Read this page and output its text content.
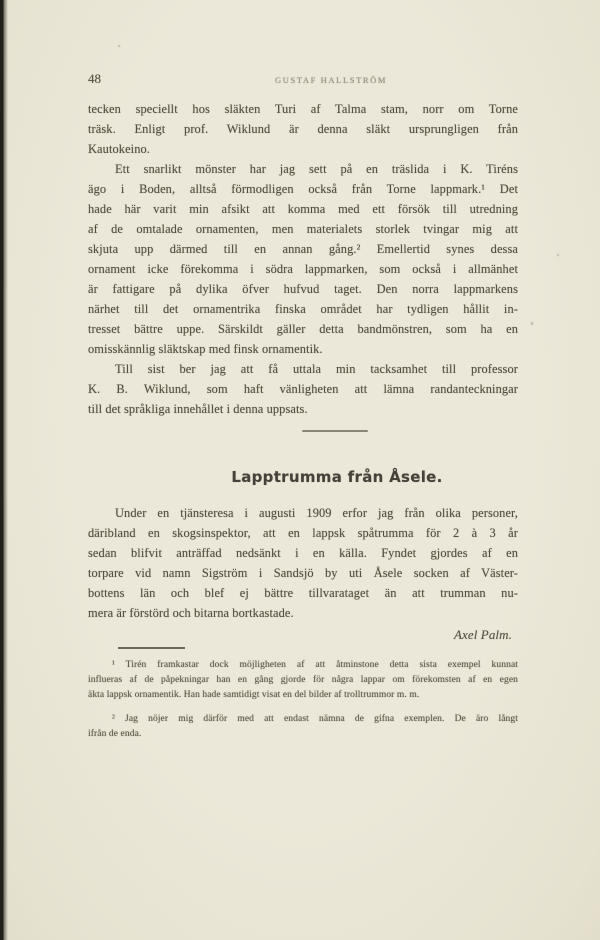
48	GUSTAF HALLSTRÖM
tecken speciellt hos släkten Turi af Talma stam, norr om Torne
träsk. Enligt prof. Wiklund är denna släkt ursprungligen från
Kautokeino.
Ett snarlikt mönster har jag sett på en träslida i K. Tiréns
ägo i Boden, alltså förmodligen också från Torne lappmark.¹ Det
hade här varit min afsikt att komma med ett försök till utredning
af de omtalade ornamenten, men materialets storlek tvingar mig att
skjuta upp därmed till en annan gång.² Emellertid synes dessa
ornament icke förekomma i södra lappmarken, som också i allmänhet
är fattigare på dylika öfver hufvud taget. Den norra lappmarkens
närhet till det ornamentrika finska området har tydligen hållit in-
tresset bättre uppe. Särskildt gäller detta bandmönstren, som ha en
omisskännlig släktskap med finsk ornamentik.
Till sist ber jag att få uttala min tacksamhet till professor
K. B. Wiklund, som haft vänligheten att lämna randanteckningar
till det språkliga innehållet i denna uppsats.
Lapptrumma från Åsele.
Under en tjänsteresa i augusti 1909 erfor jag från olika personer,
däribland en skogsinspektor, att en lappsk spåtrumma för 2 à 3 år
sedan blifvit anträffad nedsänkt i en källa. Fyndet gjordes af en
torpare vid namn Sigström i Sandsjö by uti Åsele socken af Väster-
bottens län och blef ej bättre tillvarataget än att trumman nu-
mera är förstörd och bitarna bortkastade.
Axel Palm.
¹ Tirén framkastar dock möjligheten af att åtminstone detta sista exempel kunnat
influeras af de påpekningar han en gång gjorde för några lappar om förekomsten af en egen
äkta lappsk ornamentik. Han hade samtidigt visat en del bilder af trolltrummor m. m.
² Jag nöjer mig därför med att endast nämna de gifna exemplen. De äro långt
ifrån de enda.
